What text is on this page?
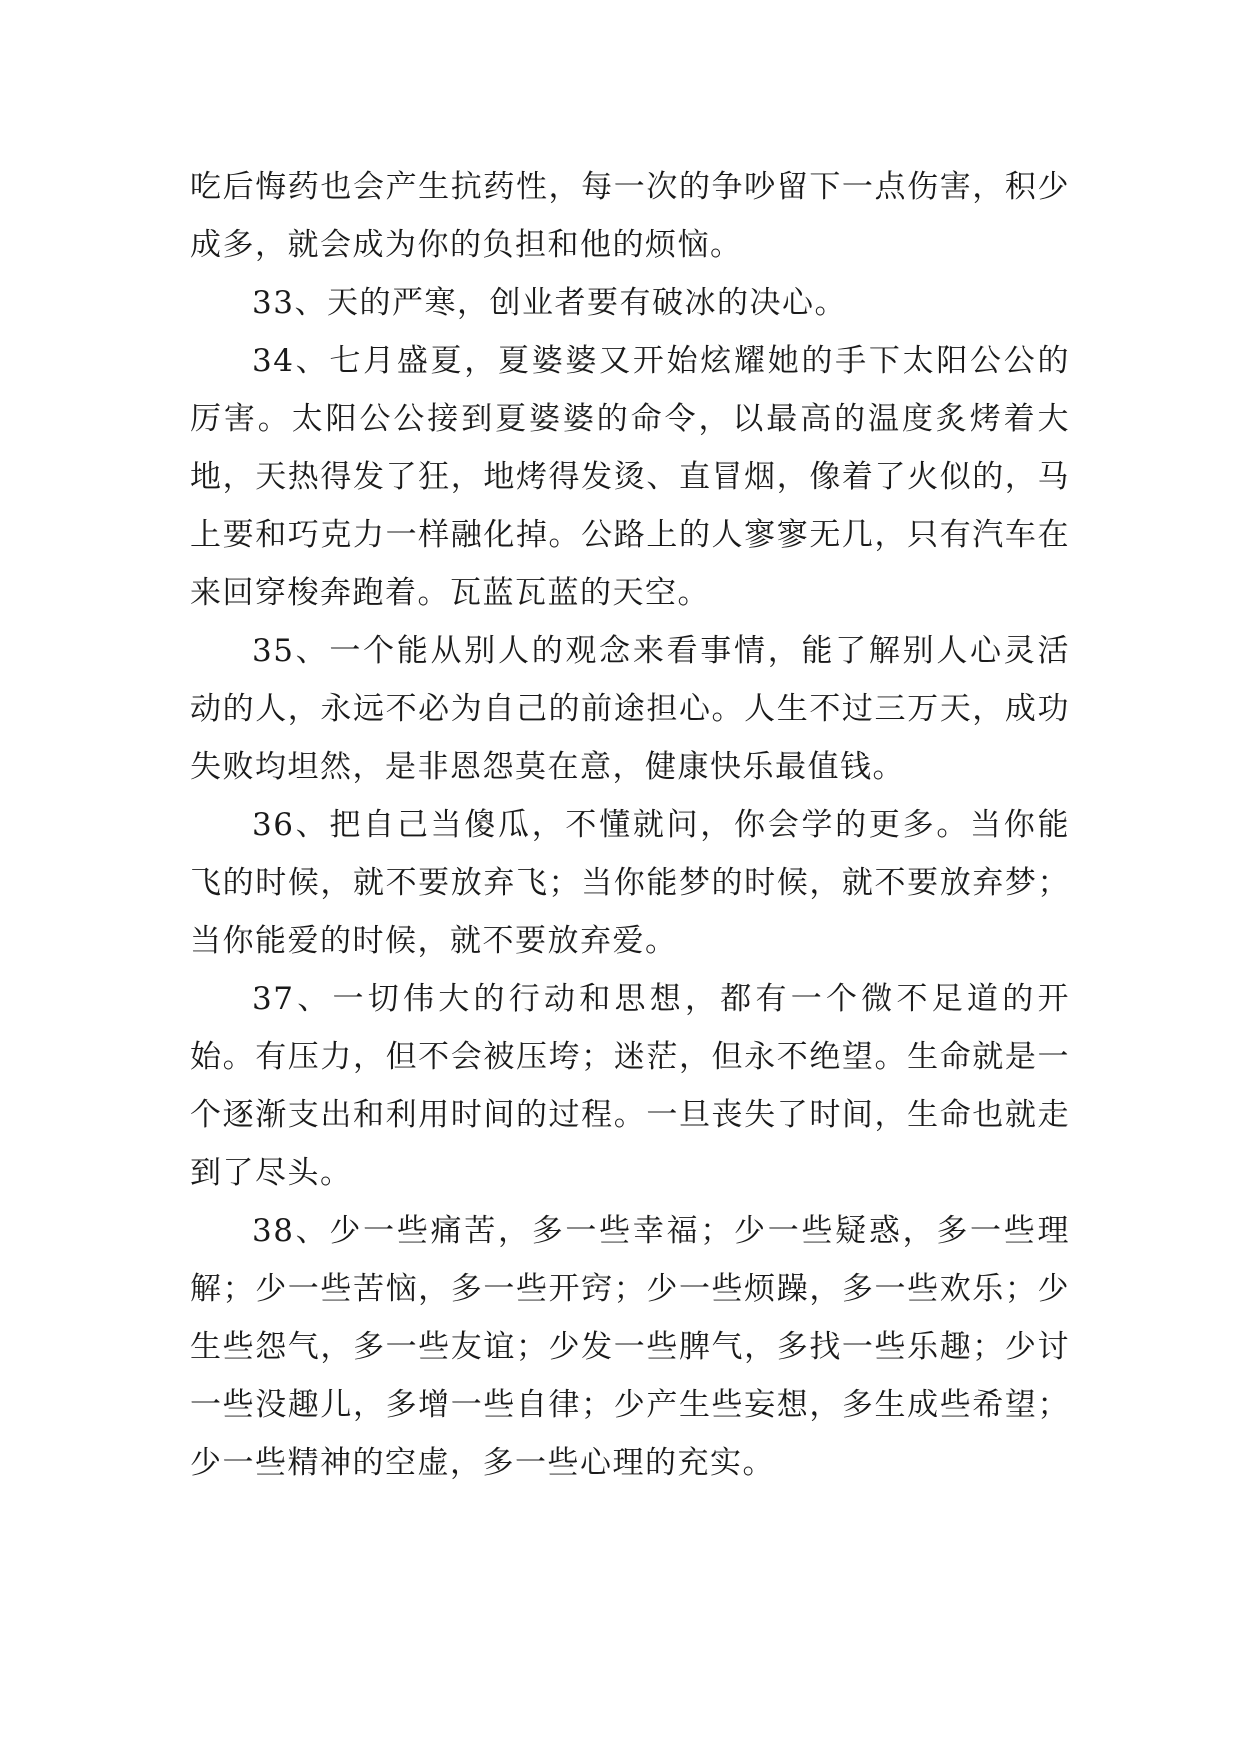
吃后悔药也会产生抗药性，每一次的争吵留下一点伤害，积少成多，就会成为你的负担和他的烦恼。

33、天的严寒，创业者要有破冰的决心。

34、七月盛夏，夏婆婆又开始炫耀她的手下太阳公公的厉害。太阳公公接到夏婆婆的命令，以最高的温度炙烤着大地，天热得发了狂，地烤得发烫、直冒烟，像着了火似的，马上要和巧克力一样融化掉。公路上的人寥寥无几，只有汽车在来回穿梭奔跑着。瓦蓝瓦蓝的天空。

35、一个能从别人的观念来看事情，能了解别人心灵活动的人，永远不必为自己的前途担心。人生不过三万天，成功失败均坦然，是非恩怨莫在意，健康快乐最值钱。

36、把自己当傻瓜，不懂就问，你会学的更多。当你能飞的时候，就不要放弃飞；当你能梦的时候，就不要放弃梦；当你能爱的时候，就不要放弃爱。

37、一切伟大的行动和思想，都有一个微不足道的开始。有压力，但不会被压垮；迷茫，但永不绝望。生命就是一个逐渐支出和利用时间的过程。一旦丧失了时间，生命也就走到了尽头。

38、少一些痛苦，多一些幸福；少一些疑惑，多一些理解；少一些苦恼，多一些开窍；少一些烦躁，多一些欢乐；少生些怨气，多一些友谊；少发一些脾气，多找一些乐趣；少讨一些没趣儿，多增一些自律；少产生些妄想，多生成些希望；少一些精神的空虚，多一些心理的充实。
